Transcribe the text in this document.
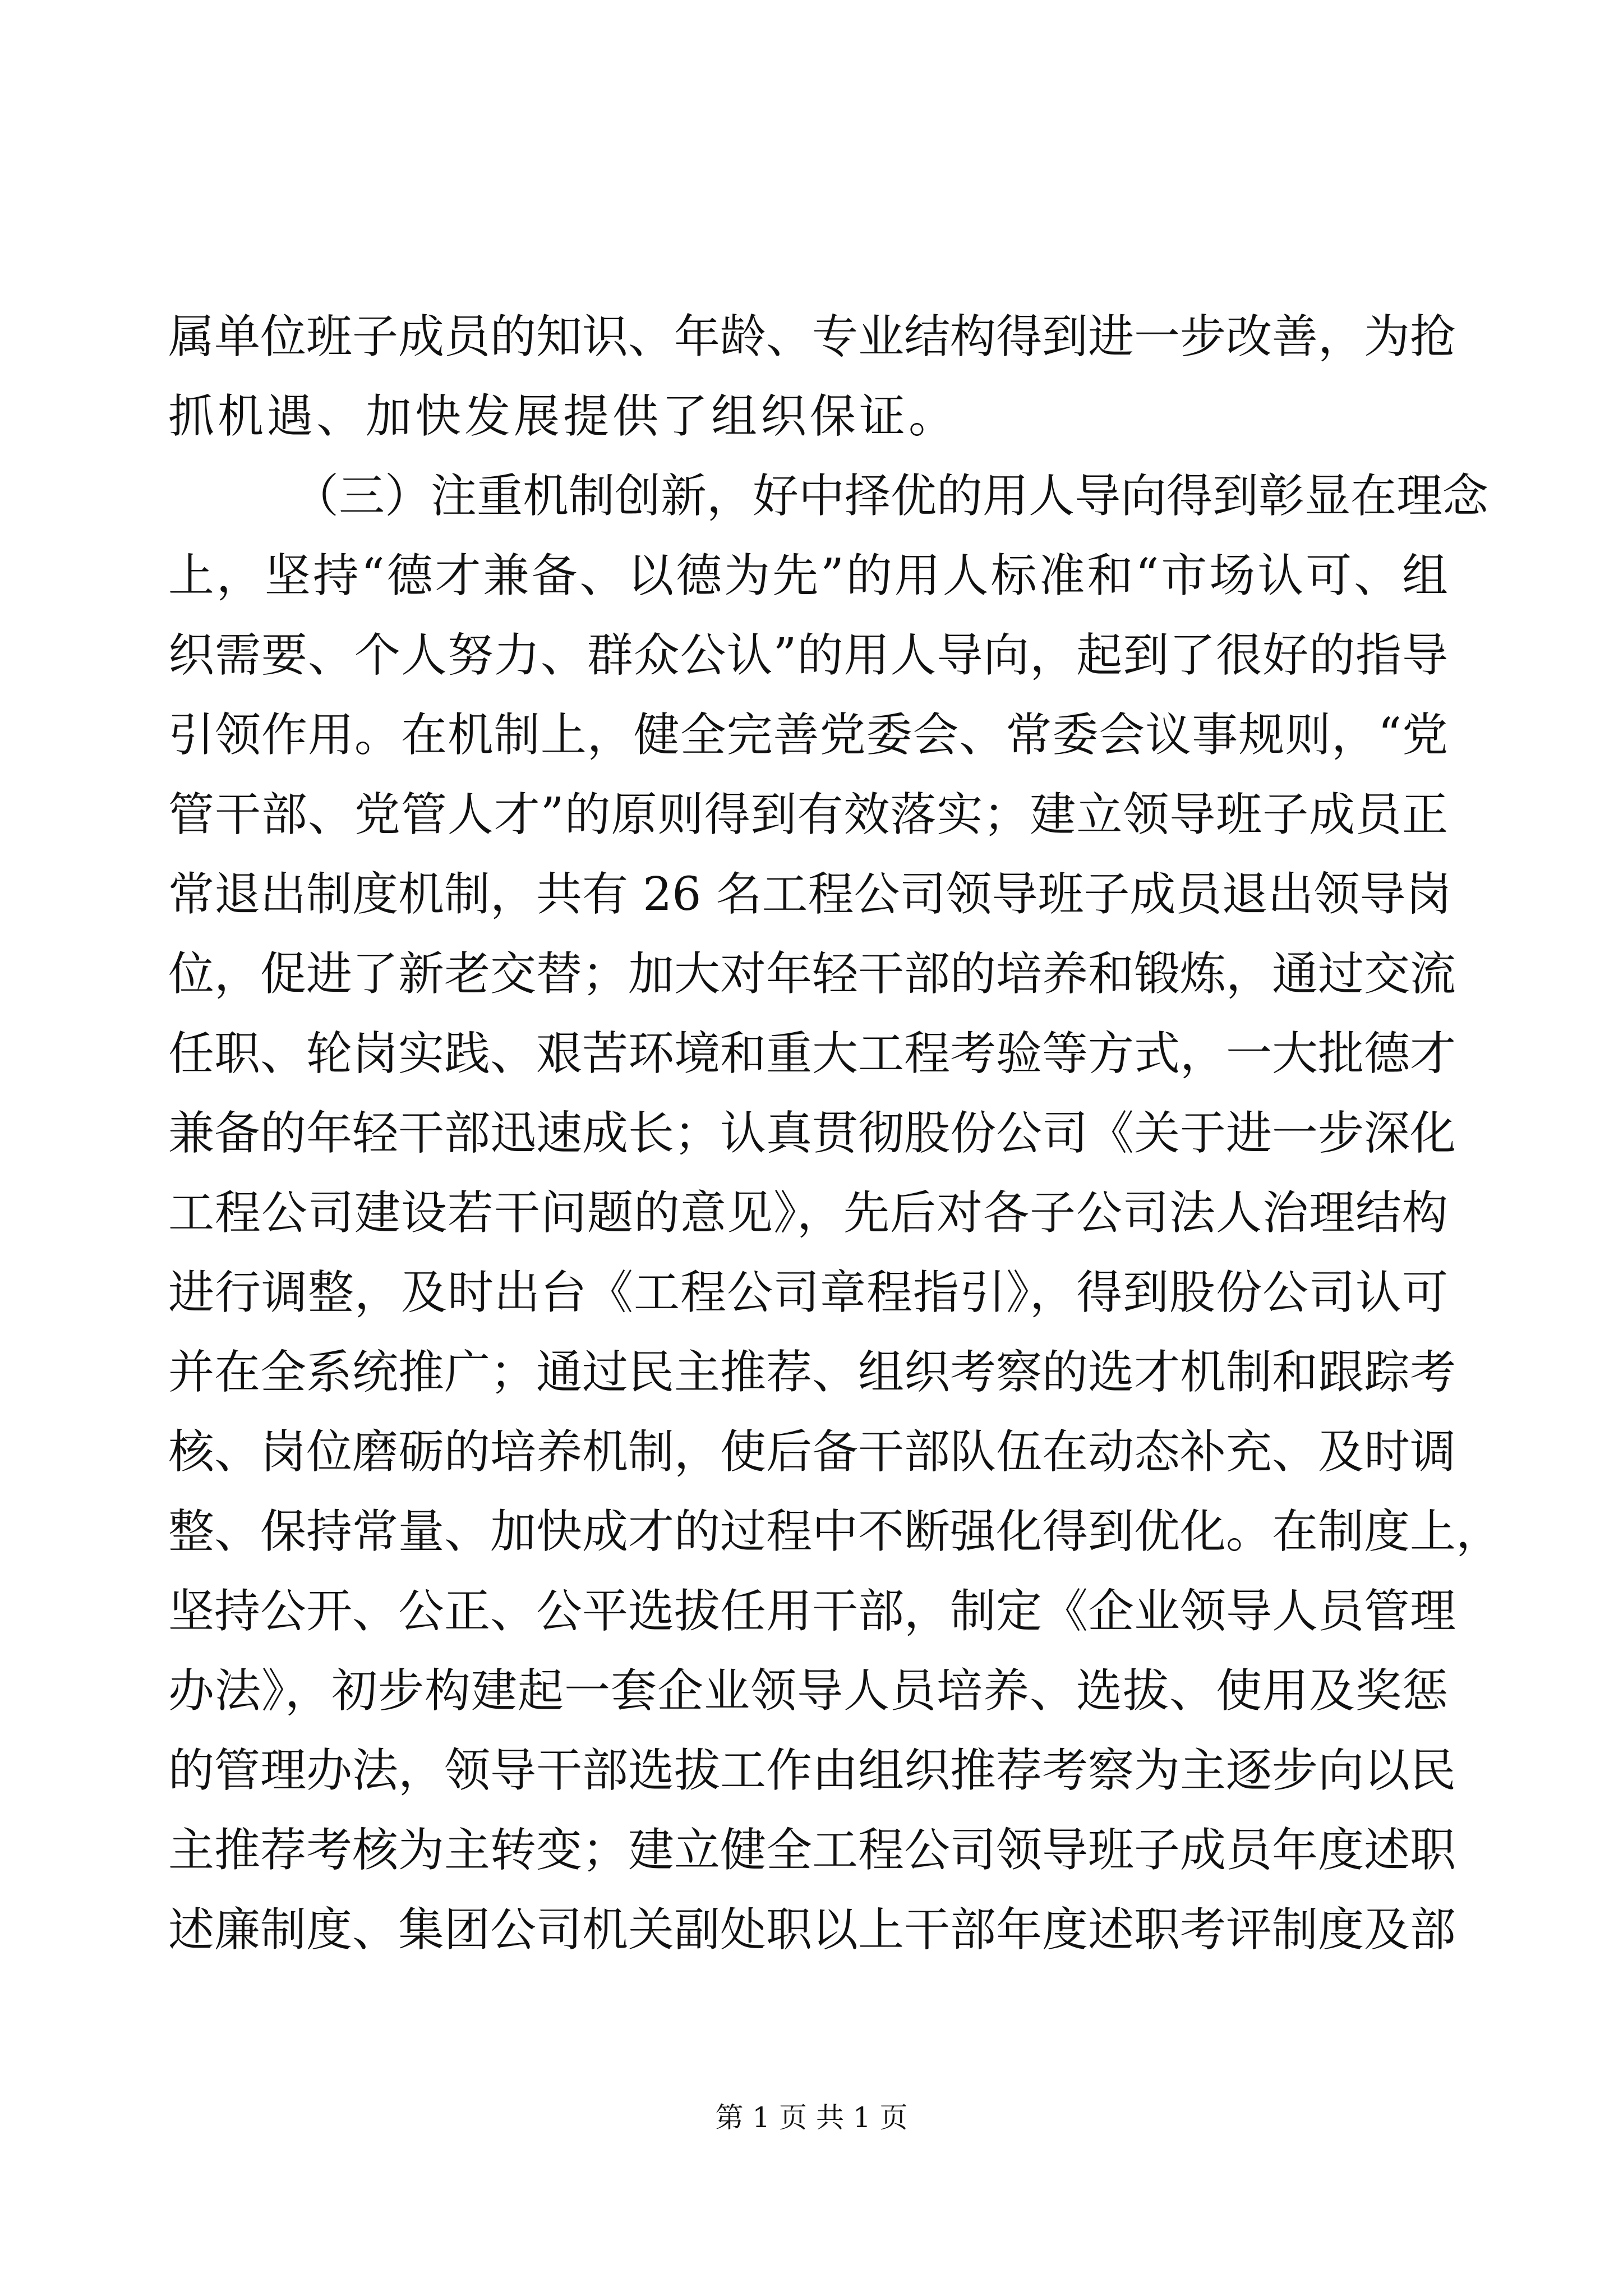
属单位班子成员的知识、年龄、专业结构得到进一步改善，为抢
抓机遇、加快发展提供了组织保证。
（三）注重机制创新，好中择优的用人导向得到彰显在理念
上，坚持“德才兼备、以德为先”的用人标准和“市场认可、组
织需要、个人努力、群众公认”的用人导向，起到了很好的指导
引领作用。在机制上，健全完善党委会、常委会议事规则，“党
管干部、党管人才”的原则得到有效落实；建立领导班子成员正
常退出制度机制，共有 26 名工程公司领导班子成员退出领导岗
位，促进了新老交替；加大对年轻干部的培养和锻炼，通过交流
任职、轮岗实践、艰苦环境和重大工程考验等方式，一大批德才
兼备的年轻干部迅速成长；认真贯彻股份公司《关于进一步深化
工程公司建设若干问题的意见》，先后对各子公司法人治理结构
进行调整，及时出台《工程公司章程指引》，得到股份公司认可
并在全系统推广；通过民主推荐、组织考察的选才机制和跟踪考
核、岗位磨砺的培养机制，使后备干部队伍在动态补充、及时调
整、保持常量、加快成才的过程中不断强化得到优化。在制度上，
坚持公开、公正、公平选拔任用干部，制定《企业领导人员管理
办法》，初步构建起一套企业领导人员培养、选拔、使用及奖惩
的管理办法，领导干部选拔工作由组织推荐考察为主逐步向以民
主推荐考核为主转变；建立健全工程公司领导班子成员年度述职
述廉制度、集团公司机关副处职以上干部年度述职考评制度及部
第 1 页 共 1 页
